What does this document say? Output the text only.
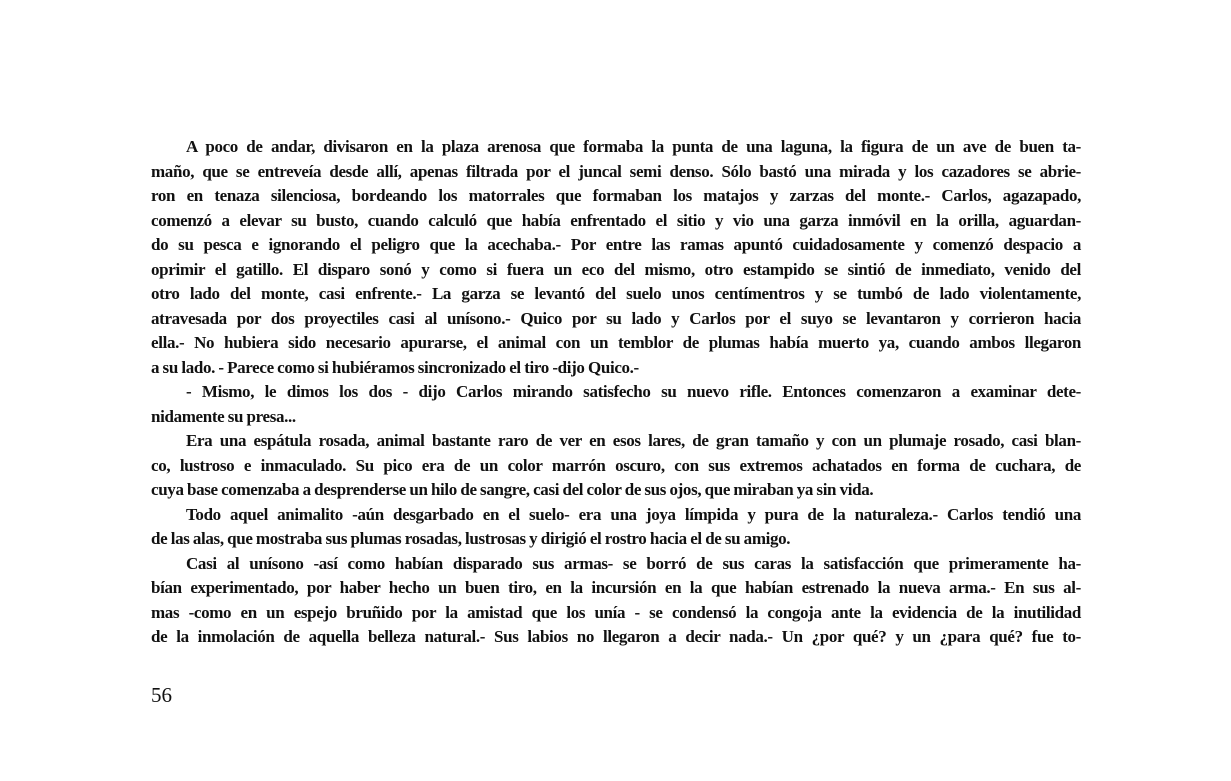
A poco de andar, divisaron en la plaza arenosa que formaba la punta de una laguna, la figura de un ave de buen ta-
maño, que se entreveía desde allí, apenas filtrada por el juncal semi denso. Sólo bastó una mirada y los cazadores se abrie-
ron en tenaza silenciosa, bordeando los matorrales que formaban los matajos y zarzas del monte.- Carlos, agazapado,
comenzó a elevar su busto, cuando calculó que había enfrentado el sitio y vio una garza inmóvil en la orilla, aguardan-
do su pesca e ignorando el peligro que la acechaba.- Por entre las ramas apuntó cuidadosamente y comenzó despacio a
oprimir el gatillo. El disparo sonó y como si fuera un eco del mismo, otro estampido se sintió de inmediato, venido del
otro lado del monte, casi enfrente.- La garza se levantó del suelo unos centímentros y se tumbó de lado violentamente,
atravesada por dos proyectiles casi al unísono.- Quico por su lado y Carlos por el suyo se levantaron y corrieron hacia
ella.- No hubiera sido necesario apurarse, el animal con un temblor de plumas había muerto ya, cuando ambos llegaron
a su lado. - Parece como si hubiéramos sincronizado el tiro -dijo Quico.-
- Mismo, le dimos los dos - dijo Carlos mirando satisfecho su nuevo rifle. Entonces comenzaron a examinar dete-
nidamente su presa...
Era una espátula rosada, animal bastante raro de ver en esos lares, de gran tamaño y con un plumaje rosado, casi blan-
co, lustroso e inmaculado. Su pico era de un color marrón oscuro, con sus extremos achatados en forma de cuchara, de
cuya base comenzaba a desprenderse un hilo de sangre, casi del color de sus ojos, que miraban ya sin vida.
Todo aquel animalito -aún desgarbado en el suelo- era una joya límpida y pura de la naturaleza.- Carlos tendió una
de las alas, que mostraba sus plumas rosadas, lustrosas y dirigió el rostro hacia el de su amigo.
Casi al unísono -así como habían disparado sus armas- se borró de sus caras la satisfacción que primeramente ha-
bían experimentado, por haber hecho un buen tiro, en la incursión en la que habían estrenado la nueva arma.- En sus al-
mas -como en un espejo bruñido por la amistad que los unía - se condensó la congoja ante la evidencia de la inutilidad
de la inmolación de aquella belleza natural.- Sus labios no llegaron a decir nada.- Un ¿por qué? y un ¿para qué? fue to-
56
